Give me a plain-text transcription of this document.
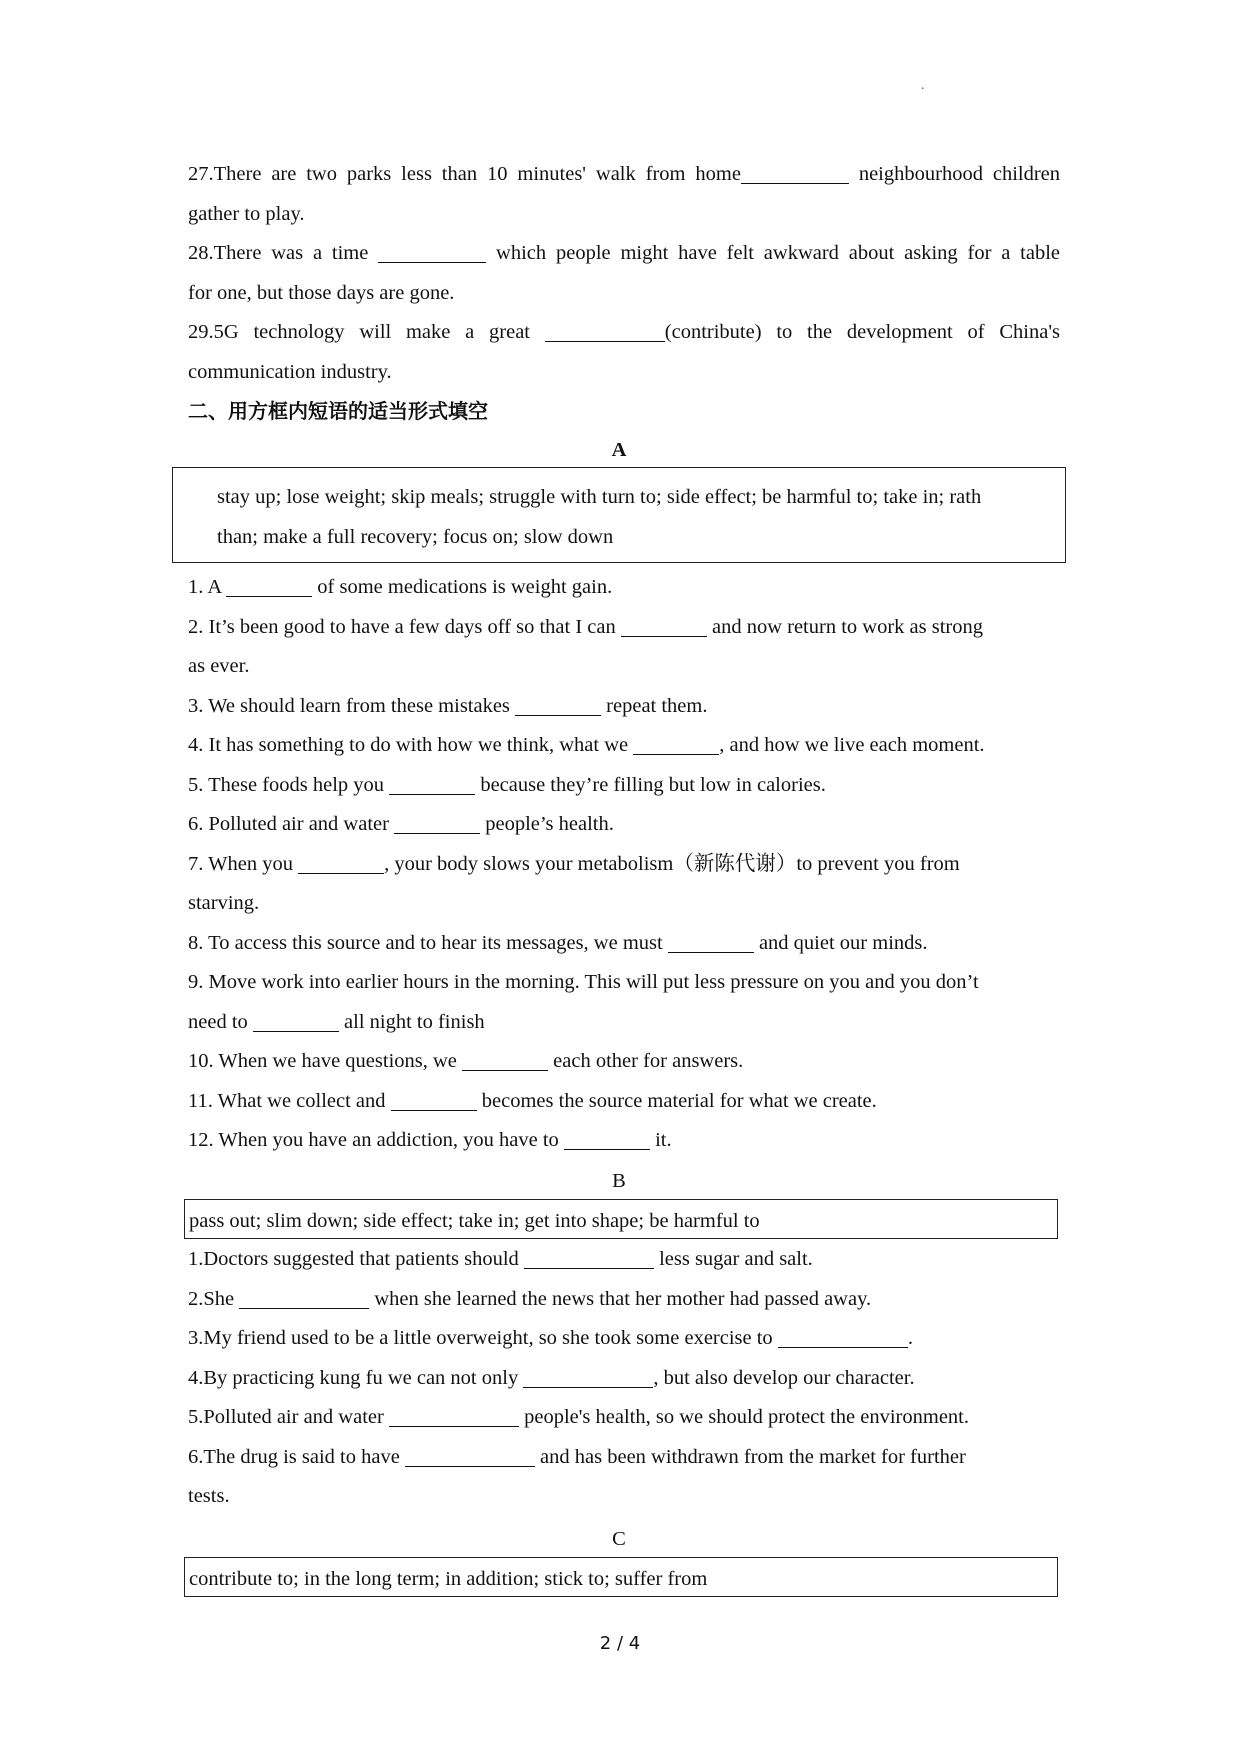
.
27.There are two parks less than 10 minutes' walk from home	neighbourhood children
gather to play.
28.There was a time	which people might have felt awkward about asking for a table
for one, but those days are gone.
29.5G technology will make a great	(contribute) to the development of China's
communication industry.
二、用方框内短语的适当形式填空
A
stay up; lose weight; skip meals; struggle with turn to; side effect; be harmful to; take in; rath
than; make a full recovery; focus on; slow down
1. A	of some medications is weight gain.
2. It’s been good to have a few days off so that I can	and now return to work as strong
as ever.
3. We should learn from these mistakes	repeat them.
4. It has something to do with how we think, what we	, and how we live each moment.
5. These foods help you	because they’re filling but low in calories.
6. Polluted air and water	people’s health.
7. When you	, your body slows your metabolism（新陈代谢）to prevent you from
starving.
8. To access this source and to hear its messages, we must	and quiet our minds.
9. Move work into earlier hours in the morning. This will put less pressure on you and you don’t
need to	all night to finish
10. When we have questions, we	each other for answers.
11. What we collect and	becomes the source material for what we create.
12. When you have an addiction, you have to	it.
B
pass out; slim down; side effect; take in; get into shape; be harmful to
1.Doctors suggested that patients should	less sugar and salt.
2.She	when she learned the news that her mother had passed away.
3.My friend used to be a little overweight, so she took some exercise to	.
4.By practicing kung fu we can not only	, but also develop our character.
5.Polluted air and water	people's health, so we should protect the environment.
6.The drug is said to have	and has been withdrawn from the market for further
tests.
C
contribute to; in the long term; in addition; stick to; suffer from
2 / 4
